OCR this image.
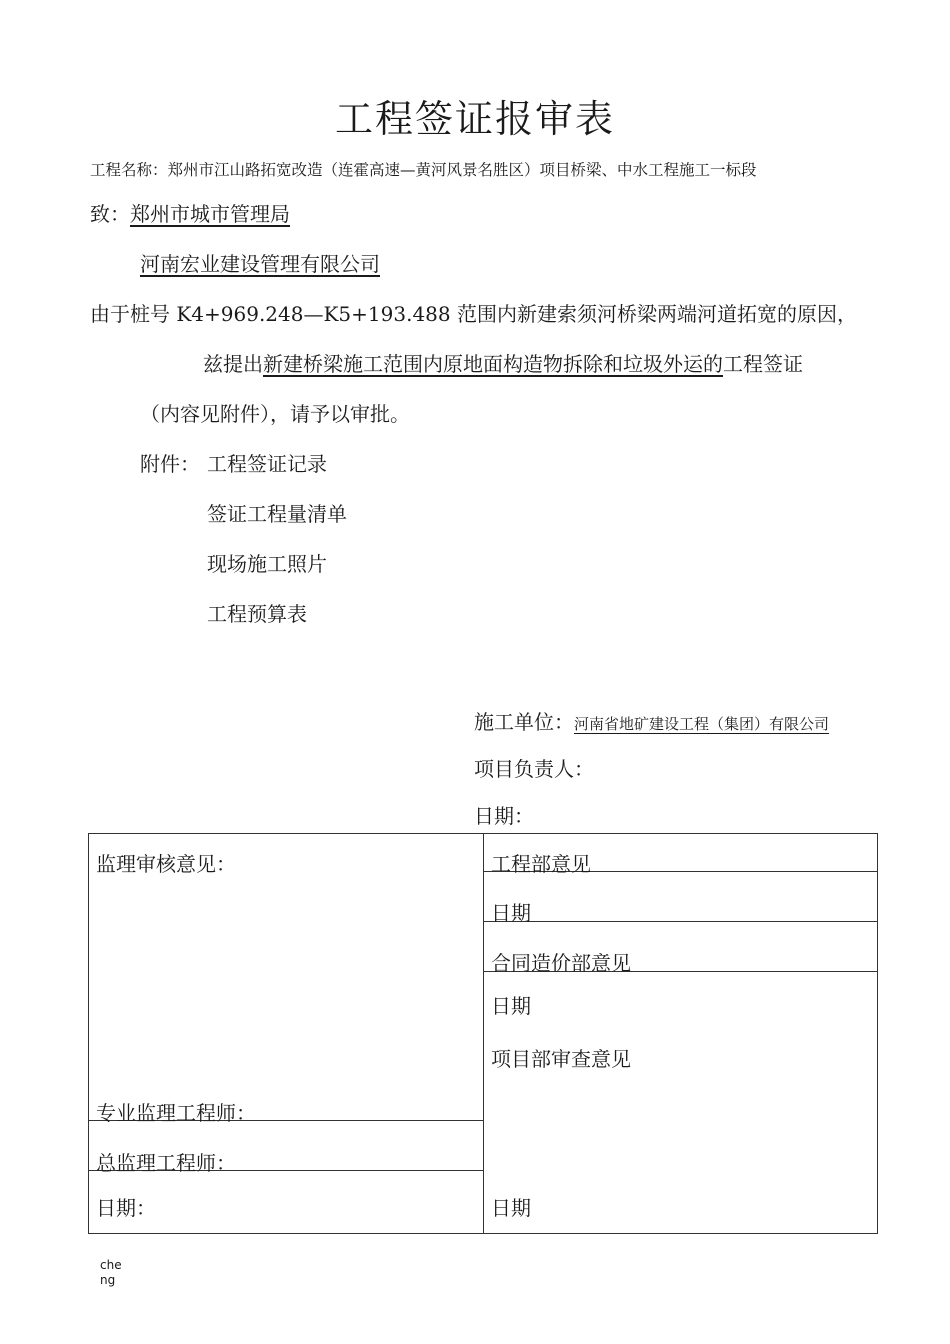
工程签证报审表
工程名称：郑州市江山路拓宽改造（连霍高速—黄河风景名胜区）项目桥梁、中水工程施工一标段
致：郑州市城市管理局
河南宏业建设管理有限公司
由于桩号 K4+969.248—K5+193.488 范围内新建索须河桥梁两端河道拓宽的原因，
兹提出新建桥梁施工范围内原地面构造物拆除和垃圾外运的工程签证
（内容见附件），请予以审批。
附件： 工程签证记录
签证工程量清单
现场施工照片
工程预算表
施工单位：河南省地矿建设工程（集团）有限公司
项目负责人：
日期：
监理审核意见：
专业监理工程师：
总监理工程师：
日期：
工程部意见
日期
合同造价部意见
日期
项目部审查意见
日期
che ng
